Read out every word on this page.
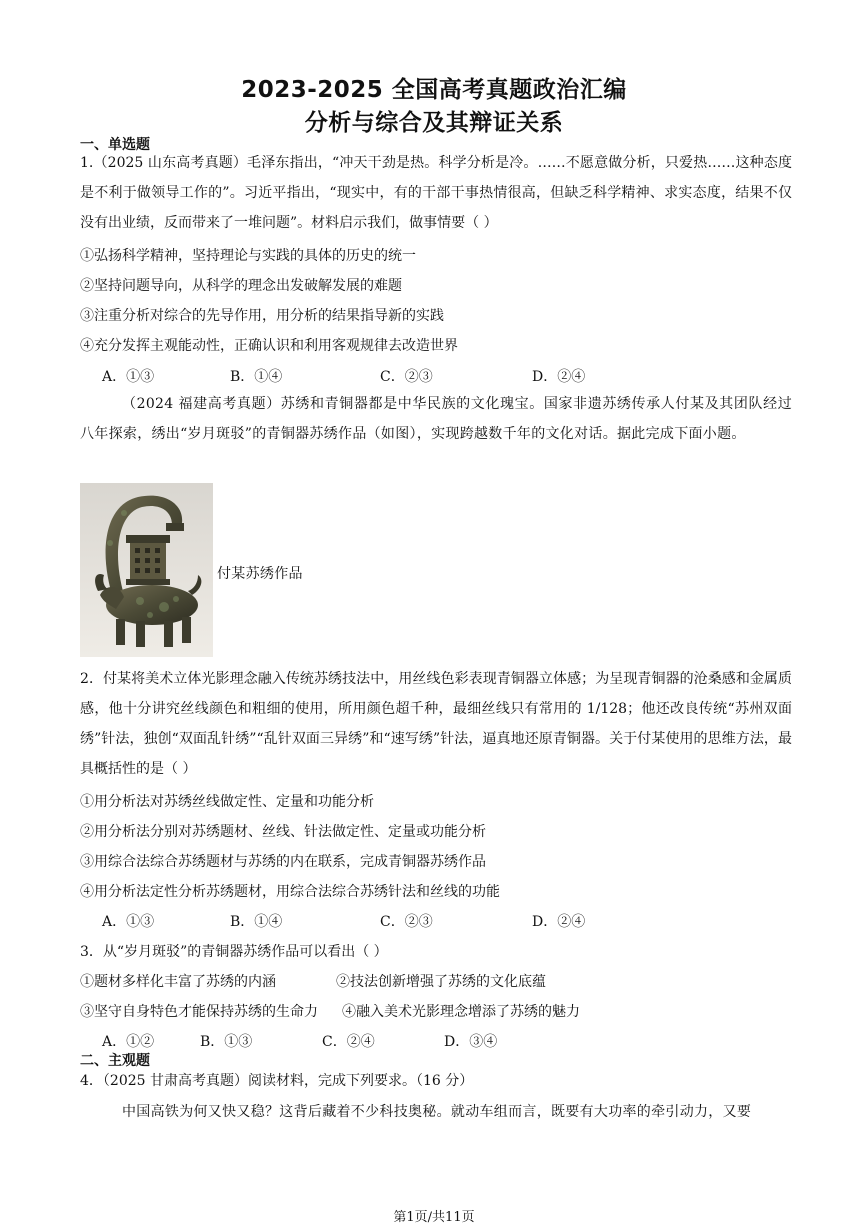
2023-2025 全国高考真题政治汇编
分析与综合及其辩证关系
一、单选题
1.（2025 山东高考真题）毛泽东指出，“冲天干劲是热。科学分析是冷。……不愿意做分析，只爱热……这种态度是不利于做领导工作的”。习近平指出，“现实中，有的干部干事热情很高，但缺乏科学精神、求实态度，结果不仅没有出业绩，反而带来了一堆问题”。材料启示我们，做事情要（ ）
①弘扬科学精神，坚持理论与实践的具体的历史的统一
②坚持问题导向，从科学的理念出发破解发展的难题
③注重分析对综合的先导作用，用分析的结果指导新的实践
④充分发挥主观能动性，正确认识和利用客观规律去改造世界
A．①③	B．①④	C．②③	D．②④
（2024 福建高考真题）苏绣和青铜器都是中华民族的文化瑰宝。国家非遗苏绣传承人付某及其团队经过八年探索，绣出“岁月斑驳”的青铜器苏绣作品（如图），实现跨越数千年的文化对话。据此完成下面小题。
付某苏绣作品
2．付某将美术立体光影理念融入传统苏绣技法中，用丝线色彩表现青铜器立体感；为呈现青铜器的沧桑感和金属质感，他十分讲究丝线颜色和粗细的使用，所用颜色超千种，最细丝线只有常用的 1/128；他还改良传统“苏州双面绣”针法，独创“双面乱针绣”“乱针双面三异绣”和“速写绣”针法，逼真地还原青铜器。关于付某使用的思维方法，最具概括性的是（ ）
①用分析法对苏绣丝线做定性、定量和功能分析
②用分析法分别对苏绣题材、丝线、针法做定性、定量或功能分析
③用综合法综合苏绣题材与苏绣的内在联系，完成青铜器苏绣作品
④用分析法定性分析苏绣题材，用综合法综合苏绣针法和丝线的功能
A．①③	B．①④	C．②③	D．②④
3．从“岁月斑驳”的青铜器苏绣作品可以看出（ ）
①题材多样化丰富了苏绣的内涵	②技法创新增强了苏绣的文化底蕴
③坚守自身特色才能保持苏绣的生命力 ④融入美术光影理念增添了苏绣的魅力
A．①②	B．①③	C．②④	D．③④
二、主观题
4．（2025 甘肃高考真题）阅读材料，完成下列要求。（16 分）
中国高铁为何又快又稳？这背后藏着不少科技奥秘。就动车组而言，既要有大功率的牵引动力，又要
第1页/共11页
